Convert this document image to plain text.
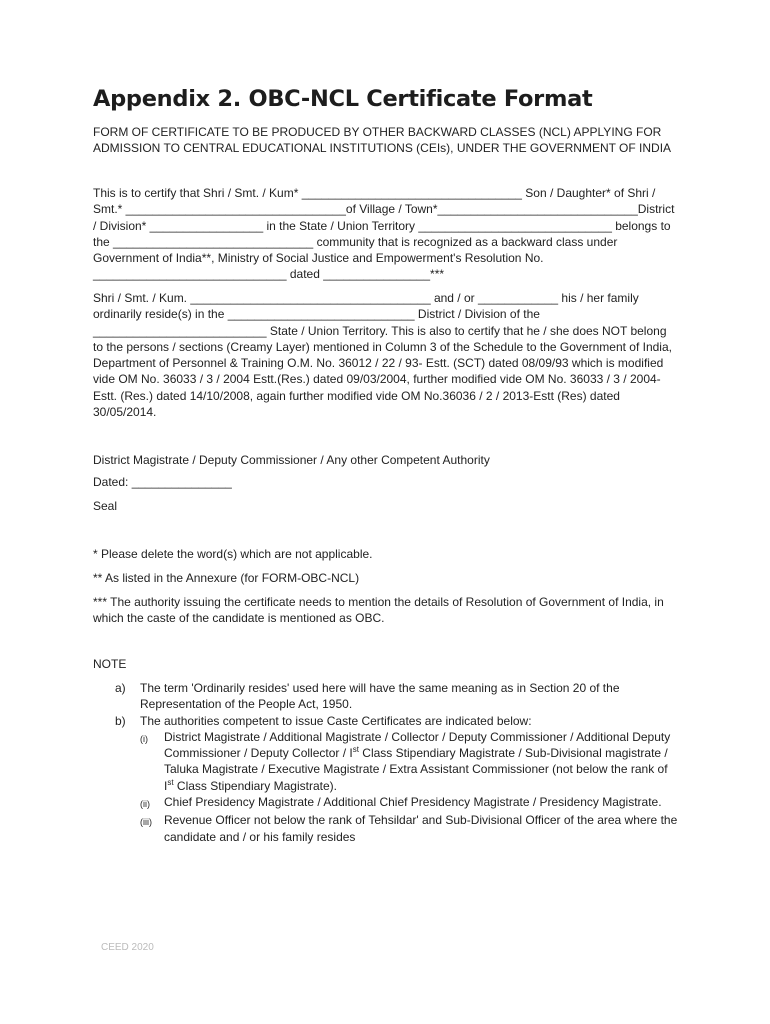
Appendix 2. OBC-NCL Certificate Format

FORM OF CERTIFICATE TO BE PRODUCED BY OTHER BACKWARD CLASSES (NCL) APPLYING FOR ADMISSION TO CENTRAL EDUCATIONAL INSTITUTIONS (CEIs), UNDER THE GOVERNMENT OF INDIA

This is to certify that Shri / Smt. / Kum* _________________________________ Son / Daughter* of Shri / Smt.* _________________________________of Village / Town*______________________________District / Division* _________________ in the State / Union Territory _____________________________ belongs to the ______________________________ community that is recognized as a backward class under Government of India**, Ministry of Social Justice and Empowerment's Resolution No. _____________________________ dated ________________***

Shri / Smt. / Kum. ____________________________________ and / or ____________ his / her family ordinarily reside(s) in the ____________________________ District / Division of the __________________________ State / Union Territory. This is also to certify that he / she does NOT belong to the persons / sections (Creamy Layer) mentioned in Column 3 of the Schedule to the Government of India, Department of Personnel & Training O.M. No. 36012 / 22 / 93- Estt. (SCT) dated 08/09/93 which is modified vide OM No. 36033 / 3 / 2004 Estt.(Res.) dated 09/03/2004, further modified vide OM No. 36033 / 3 / 2004-Estt. (Res.) dated 14/10/2008, again further modified vide OM No.36036 / 2 / 2013-Estt (Res) dated 30/05/2014.

District Magistrate / Deputy Commissioner / Any other Competent Authority

Dated: _______________

Seal

* Please delete the word(s) which are not applicable.

** As listed in the Annexure (for FORM-OBC-NCL)

*** The authority issuing the certificate needs to mention the details of Resolution of Government of India, in which the caste of the candidate is mentioned as OBC.

NOTE

a)	The term 'Ordinarily resides' used here will have the same meaning as in Section 20 of the Representation of the People Act, 1950.
b)	The authorities competent to issue Caste Certificates are indicated below:
(i)	District Magistrate / Additional Magistrate / Collector / Deputy Commissioner / Additional Deputy Commissioner / Deputy Collector / Ist Class Stipendiary Magistrate / Sub-Divisional magistrate / Taluka Magistrate / Executive Magistrate / Extra Assistant Commissioner (not below the rank of Ist Class Stipendiary Magistrate).
(ii)	Chief Presidency Magistrate / Additional Chief Presidency Magistrate / Presidency Magistrate.
(iii)	Revenue Officer not below the rank of Tehsildar' and Sub-Divisional Officer of the area where the candidate and / or his family resides
CEED 2020
